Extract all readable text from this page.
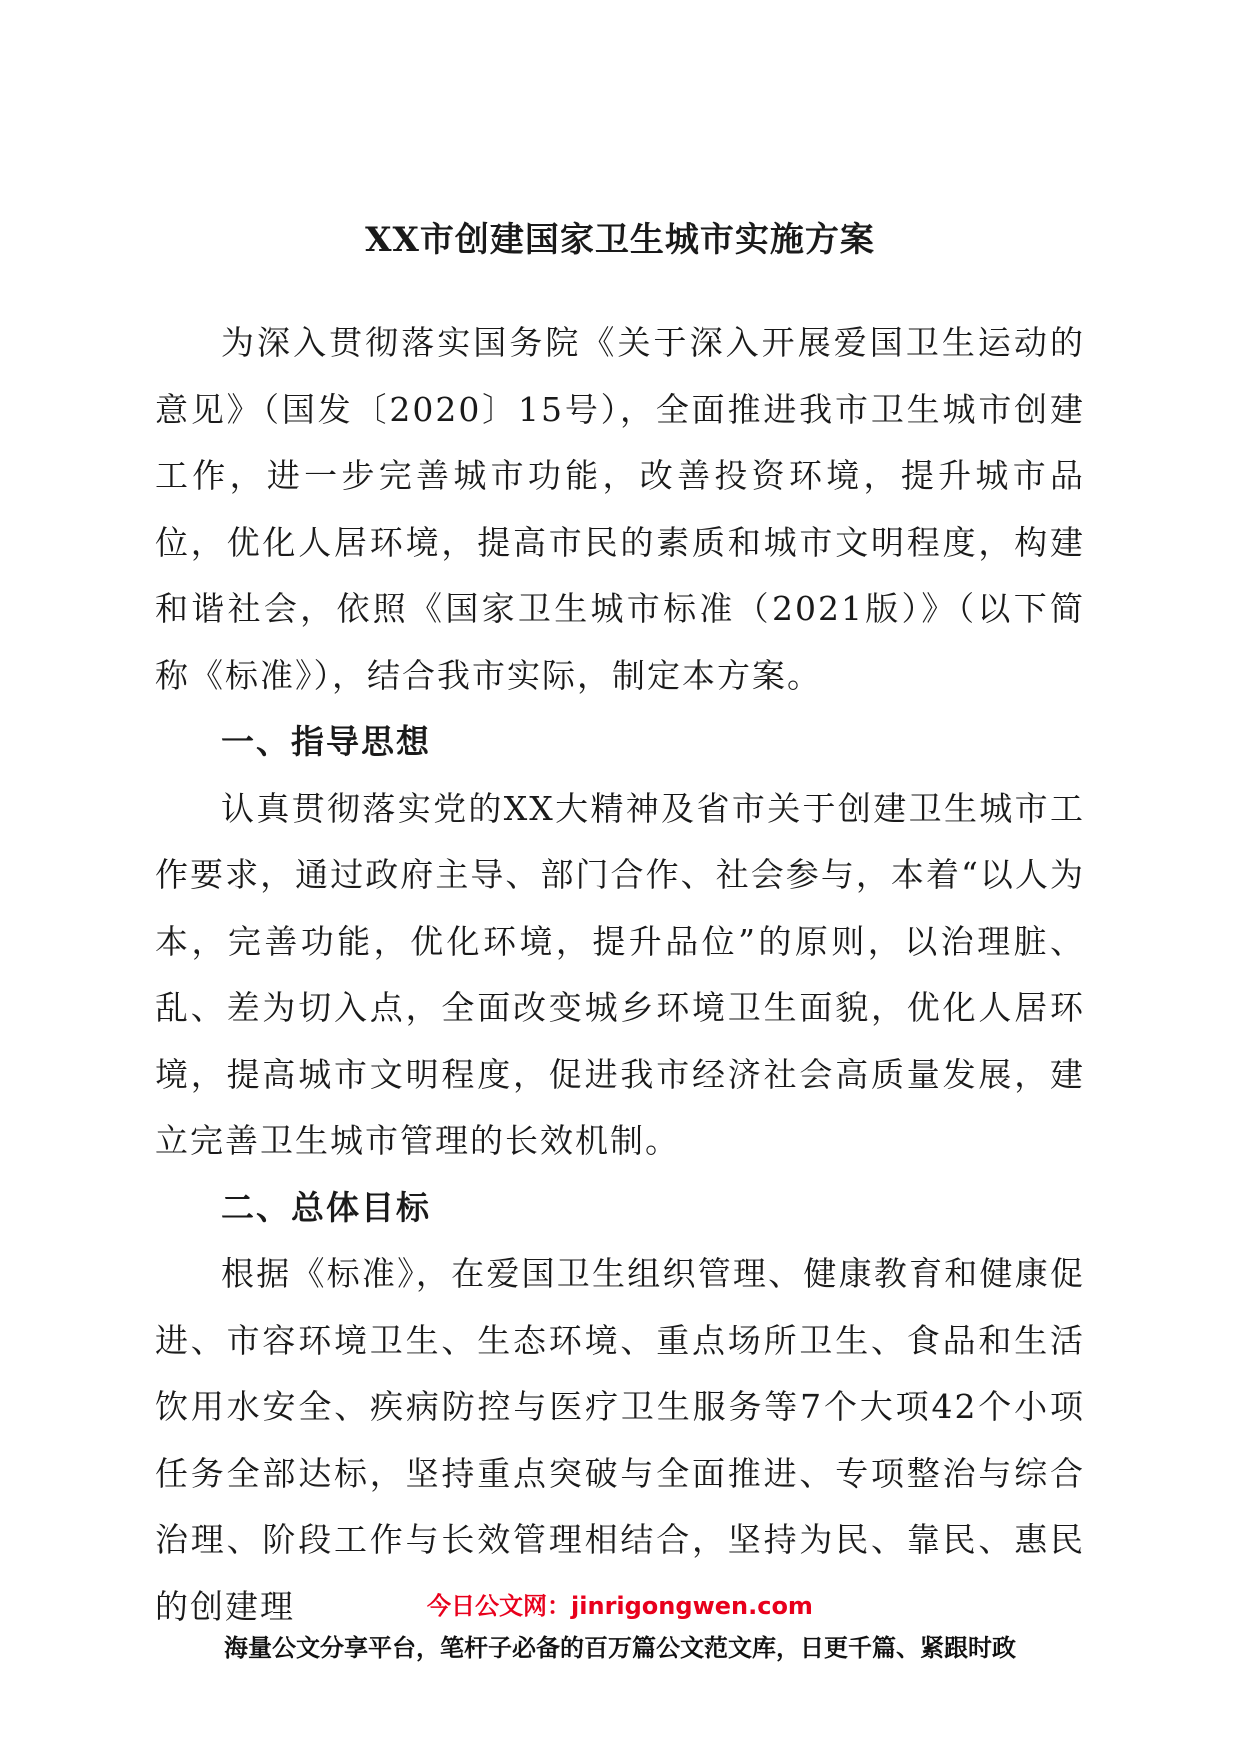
XX市创建国家卫生城市实施方案

为深入贯彻落实国务院《关于深入开展爱国卫生运动的意见》（国发〔2020〕15号），全面推进我市卫生城市创建工作，进一步完善城市功能，改善投资环境，提升城市品位，优化人居环境，提高市民的素质和城市文明程度，构建和谐社会，依照《国家卫生城市标准（2021版）》（以下简称《标准》），结合我市实际，制定本方案。

一、指导思想

认真贯彻落实党的XX大精神及省市关于创建卫生城市工作要求，通过政府主导、部门合作、社会参与，本着“以人为本，完善功能，优化环境，提升品位”的原则，以治理脏、乱、差为切入点，全面改变城乡环境卫生面貌，优化人居环境，提高城市文明程度，促进我市经济社会高质量发展，建立完善卫生城市管理的长效机制。

二、总体目标

根据《标准》，在爱国卫生组织管理、健康教育和健康促进、市容环境卫生、生态环境、重点场所卫生、食品和生活饮用水安全、疾病防控与医疗卫生服务等7个大项42个小项任务全部达标，坚持重点突破与全面推进、专项整治与综合治理、阶段工作与长效管理相结合，坚持为民、靠民、惠民的创建理	今日公文网：jinrigongwen.com
海量公文分享平台，笔杆子必备的百万篇公文范文库，日更千篇、紧跟时政
